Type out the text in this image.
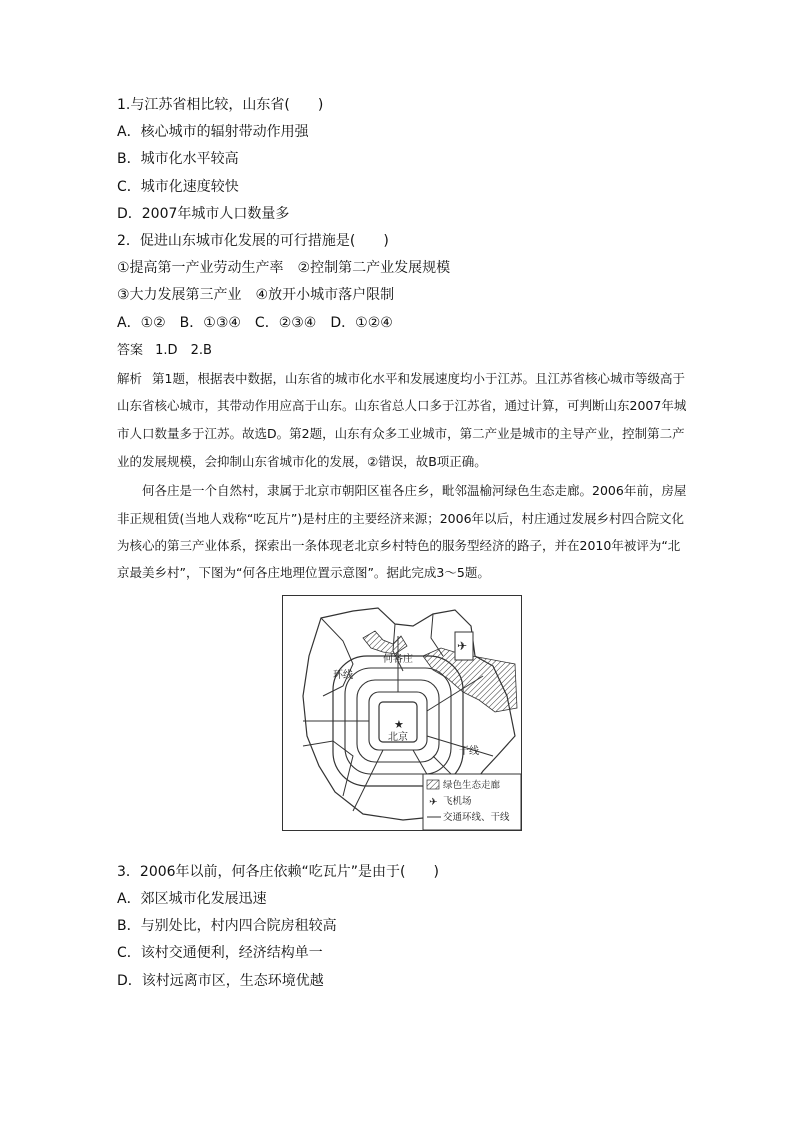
1.与江苏省相比较，山东省(　　)
A．核心城市的辐射带动作用强
B．城市化水平较高
C．城市化速度较快
D．2007年城市人口数量多
2．促进山东城市化发展的可行措施是(　　)
①提高第一产业劳动生产率　②控制第二产业发展规模
③大力发展第三产业　④放开小城市落户限制
A．①②　B．①③④　C．②③④　D．①②④
答案 1.D　2.B
解析 第1题，根据表中数据，山东省的城市化水平和发展速度均小于江苏。且江苏省核心城市等级高于山东省核心城市，其带动作用应高于山东。山东省总人口多于江苏省，通过计算，可判断山东2007年城市人口数量多于江苏。故选D。第2题，山东有众多工业城市，第二产业是城市的主导产业，控制第二产业的发展规模，会抑制山东省城市化的发展，②错误，故B项正确。
何各庄是一个自然村，隶属于北京市朝阳区崔各庄乡，毗邻温榆河绿色生态走廊。2006年前，房屋非正规租赁(当地人戏称“吃瓦片”)是村庄的主要经济来源；2006年以后，村庄通过发展乡村四合院文化为核心的第三产业体系，探索出一条体现老北京乡村特色的服务型经济的路子，并在2010年被评为“北京最美乡村”，下图为“何各庄地理位置示意图”。据此完成3～5题。
✈
★
何各庄
环线
北京
干线
绿色生态走廊
✈ 飞机场
交通环线、干线
3．2006年以前，何各庄依赖“吃瓦片”是由于(　　)
A．郊区城市化发展迅速
B．与别处比，村内四合院房租较高
C．该村交通便利，经济结构单一
D．该村远离市区，生态环境优越
